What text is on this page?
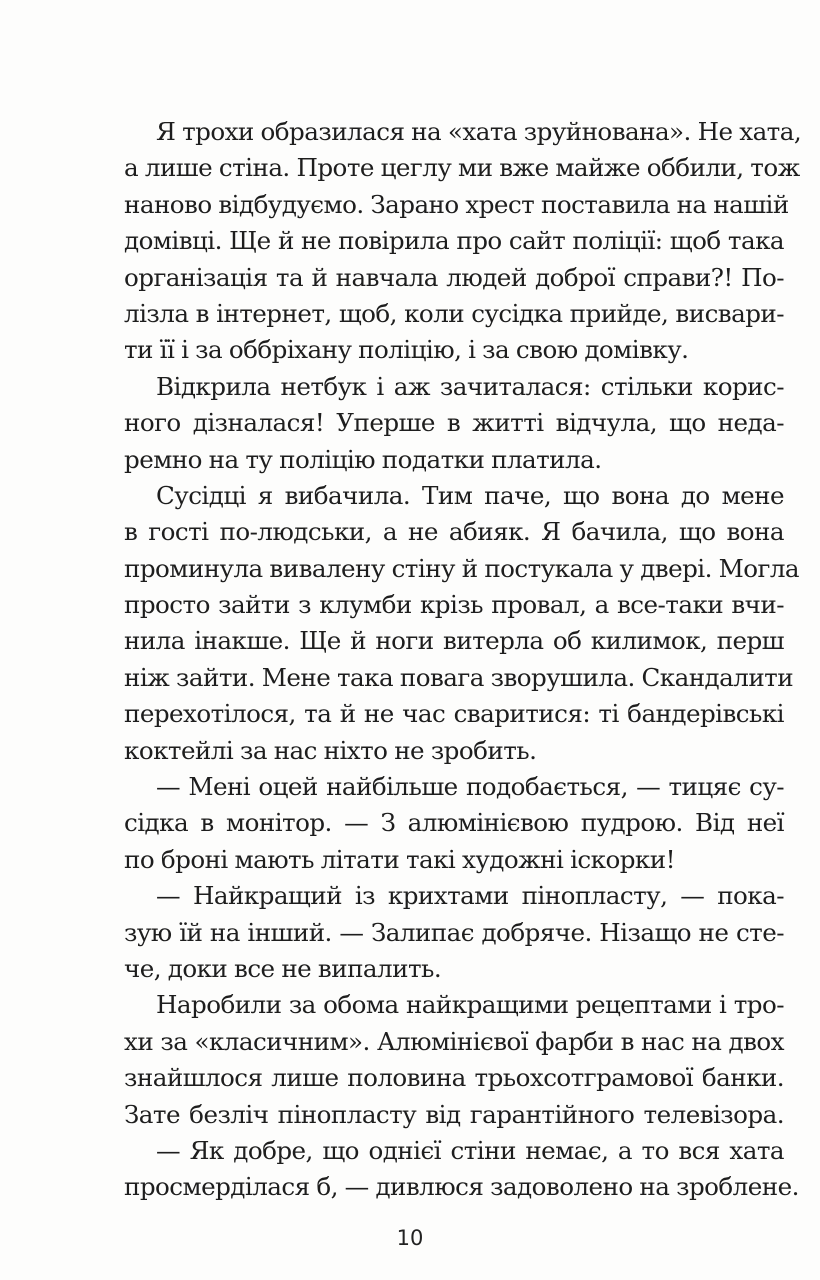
Я трохи образилася на «хата зруйнована». Не хата,
а лише стіна. Проте цеглу ми вже майже оббили, тож
наново відбудуємо. Зарано хрест поставила на нашій
домівці. Ще й не повірила про сайт поліції: щоб така
організація та й навчала людей доброї справи?! По-
лізла в інтернет, щоб, коли сусідка прийде, висвари-
ти її і за оббріхану поліцію, і за свою домівку.
Відкрила нетбук і аж зачиталася: стільки корис-
ного дізналася! Уперше в житті відчула, що неда-
ремно на ту поліцію податки платила.
Сусідці я вибачила. Тим паче, що вона до мене
в гості по-людськи, а не абияк. Я бачила, що вона
проминула вивалену стіну й постукала у двері. Могла
просто зайти з клумби крізь провал, а все-таки вчи-
нила інакше. Ще й ноги витерла об килимок, перш
ніж зайти. Мене така повага зворушила. Скандалити
перехотілося, та й не час сваритися: ті бандерівські
коктейлі за нас ніхто не зробить.
— Мені оцей найбільше подобається, — тицяє су-
сідка в монітор. — З алюмінієвою пудрою. Від неї
по броні мають літати такі художні іскорки!
— Найкращий із крихтами пінопласту, — пока-
зую їй на інший. — Залипає добряче. Нізащо не сте-
че, доки все не випалить.
Наробили за обома найкращими рецептами і тро-
хи за «класичним». Алюмінієвої фарби в нас на двох
знайшлося лише половина трьохсотграмової банки.
Зате безліч пінопласту від гарантійного телевізора.
— Як добре, що однієї стіни немає, а то вся хата
просмерділася б, — дивлюся задоволено на зроблене.
10
